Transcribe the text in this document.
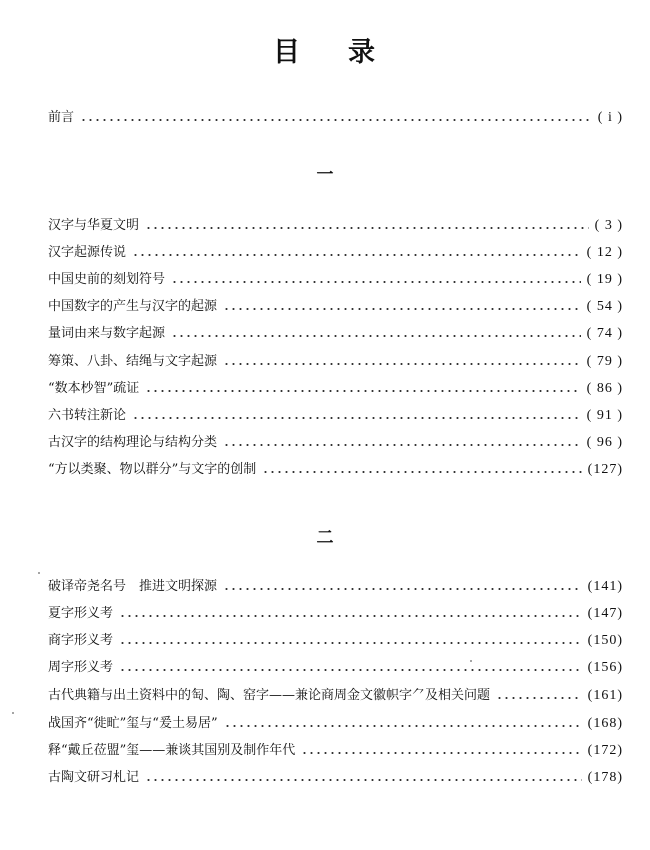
目 录
前言	( i )
一
汉字与华夏文明	( 3 )
汉字起源传说	( 12 )
中国史前的刻划符号	( 19 )
中国数字的产生与汉字的起源	( 54 )
量词由来与数字起源	( 74 )
筹策、八卦、结绳与文字起源	( 79 )
“数本杪智”疏证	( 86 )
六书转注新论	( 91 )
古汉字的结构理论与结构分类	( 96 )
“方以类聚、物以群分”与文字的创制	(127)
二
破译帝尧名号　推进文明探源	(141)
夏字形义考	(147)
商字形义考	(150)
周字形义考	(156)
古代典籍与出土资料中的匋、陶、窑字——兼论商周金文徽帜字⺈及相关问题	(161)
战国齐“徙甿”玺与“爰土易居”	(168)
释“戴丘莅盟”玺——兼谈其国别及制作年代	(172)
古陶文研习札记	(178)
